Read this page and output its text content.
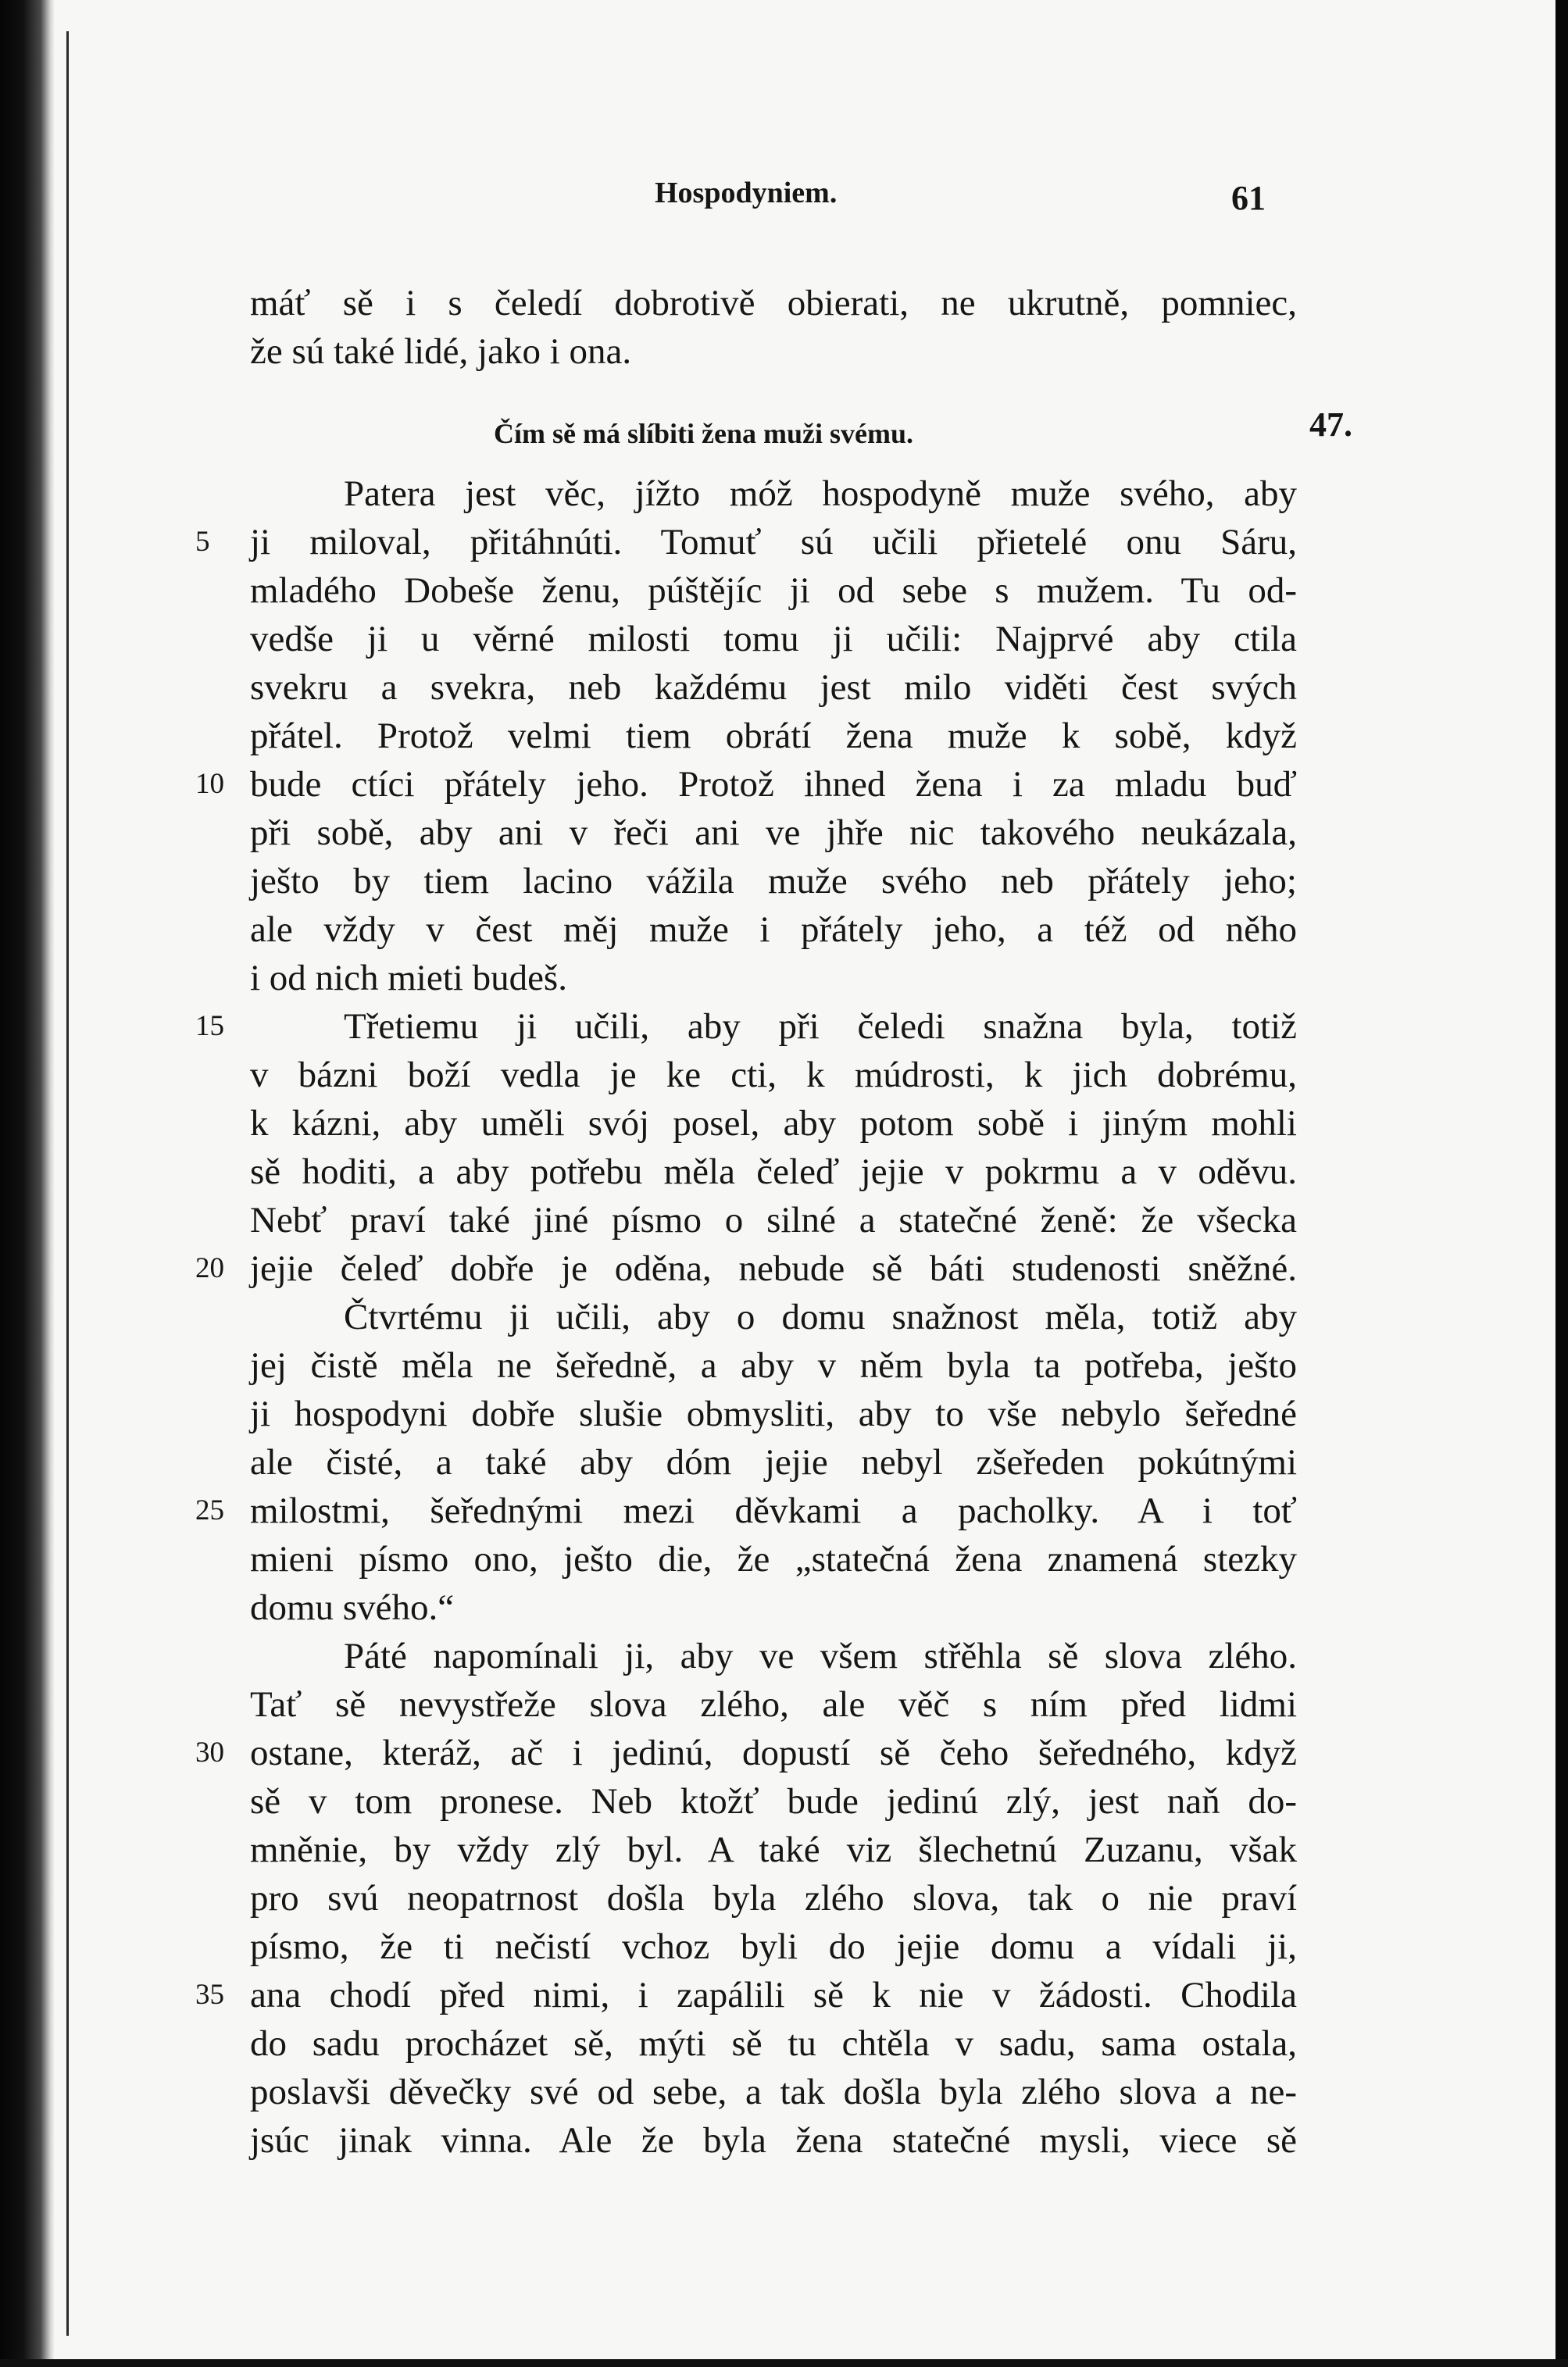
Hospodyniem.	61
47.
máť sě i s čeledí dobrotivě obierati, ne ukrutně, pomniec,
že sú také lidé, jako i ona.
Čím sě má slíbiti žena muži svému.
Patera jest věc, jížto móž hospodyně muže svého, aby
ji miloval, přitáhnúti. Tomuť sú učili přietelé onu Sáru,
mladého Dobeše ženu, púštějíc ji od sebe s mužem. Tu od-
vedše ji u věrné milosti tomu ji učili: Najprvé aby ctila
svekru a svekra, neb každému jest milo viděti čest svých
přátel. Protož velmi tiem obrátí žena muže k sobě, když
bude ctíci přátely jeho. Protož ihned žena i za mladu buď
při sobě, aby ani v řeči ani ve jhře nic takového neukázala,
ješto by tiem lacino vážila muže svého neb přátely jeho;
ale vždy v čest měj muže i přátely jeho, a též od něho
i od nich mieti budeš.
Třetiemu ji učili, aby při čeledi snažna byla, totiž
v bázni boží vedla je ke cti, k múdrosti, k jich dobrému,
k kázni, aby uměli svój posel, aby potom sobě i jiným mohli
sě hoditi, a aby potřebu měla čeleď jejie v pokrmu a v oděvu.
Nebť praví také jiné písmo o silné a statečné ženě: že všecka
jejie čeleď dobře je oděna, nebude sě báti studenosti sněžné.
Čtvrtému ji učili, aby o domu snažnost měla, totiž aby
jej čistě měla ne šeředně, a aby v něm byla ta potřeba, ješto
ji hospodyni dobře slušie obmysliti, aby to vše nebylo šeředné
ale čisté, a také aby dóm jejie nebyl zšeředen pokútnými
milostmi, šeřednými mezi děvkami a pacholky. A i toť
mieni písmo ono, ješto die, že „statečná žena znamená stezky
domu svého.“
Páté napomínali ji, aby ve všem střěhla sě slova zlého.
Tať sě nevystřeže slova zlého, ale věč s ním před lidmi
ostane, kteráž, ač i jedinú, dopustí sě čeho šeředného, když
sě v tom pronese. Neb ktožť bude jedinú zlý, jest naň do-
mněnie, by vždy zlý byl. A také viz šlechetnú Zuzanu, však
pro svú neopatrnost došla byla zlého slova, tak o nie praví
písmo, že ti nečistí vchoz byli do jejie domu a vídali ji,
ana chodí před nimi, i zapálili sě k nie v žádosti. Chodila
do sadu procházet sě, mýti sě tu chtěla v sadu, sama ostala,
poslavši děvečky své od sebe, a tak došla byla zlého slova a ne-
jsúc jinak vinna. Ale že byla žena statečné mysli, viece sě
5
10
15
20
25
30
35
